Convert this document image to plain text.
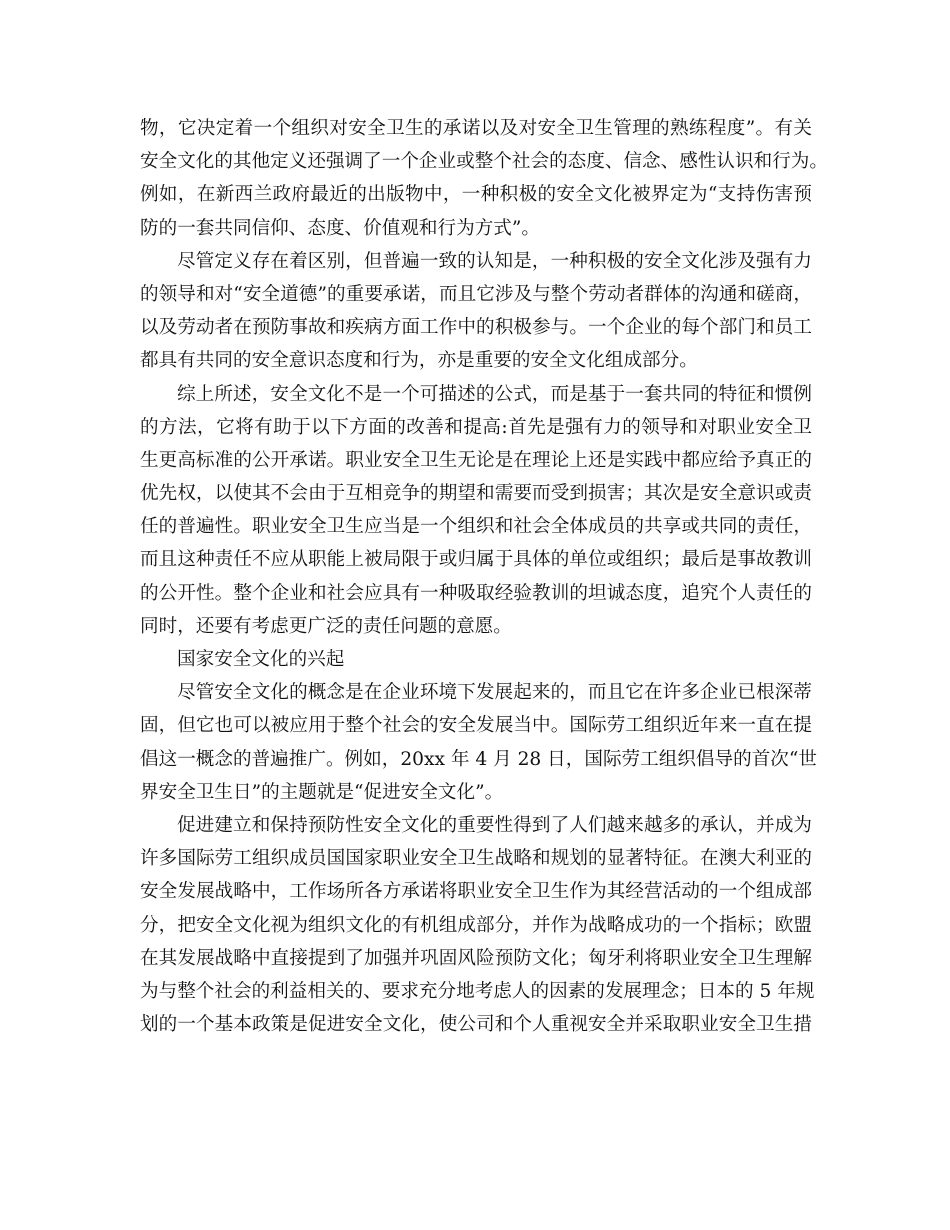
物，它决定着一个组织对安全卫生的承诺以及对安全卫生管理的熟练程度”。有关
安全文化的其他定义还强调了一个企业或整个社会的态度、信念、感性认识和行为。
例如，在新西兰政府最近的出版物中，一种积极的安全文化被界定为“支持伤害预
防的一套共同信仰、态度、价值观和行为方式”。
尽管定义存在着区别，但普遍一致的认知是，一种积极的安全文化涉及强有力
的领导和对“安全道德”的重要承诺，而且它涉及与整个劳动者群体的沟通和磋商，
以及劳动者在预防事故和疾病方面工作中的积极参与。一个企业的每个部门和员工
都具有共同的安全意识态度和行为，亦是重要的安全文化组成部分。
综上所述，安全文化不是一个可描述的公式，而是基于一套共同的特征和惯例
的方法，它将有助于以下方面的改善和提高:首先是强有力的领导和对职业安全卫
生更高标准的公开承诺。职业安全卫生无论是在理论上还是实践中都应给予真正的
优先权，以使其不会由于互相竞争的期望和需要而受到损害；其次是安全意识或责
任的普遍性。职业安全卫生应当是一个组织和社会全体成员的共享或共同的责任，
而且这种责任不应从职能上被局限于或归属于具体的单位或组织；最后是事故教训
的公开性。整个企业和社会应具有一种吸取经验教训的坦诚态度，追究个人责任的
同时，还要有考虑更广泛的责任问题的意愿。
国家安全文化的兴起
尽管安全文化的概念是在企业环境下发展起来的，而且它在许多企业已根深蒂
固，但它也可以被应用于整个社会的安全发展当中。国际劳工组织近年来一直在提
倡这一概念的普遍推广。例如，20xx 年 4 月 28 日，国际劳工组织倡导的首次“世
界安全卫生日”的主题就是“促进安全文化”。
促进建立和保持预防性安全文化的重要性得到了人们越来越多的承认，并成为
许多国际劳工组织成员国国家职业安全卫生战略和规划的显著特征。在澳大利亚的
安全发展战略中，工作场所各方承诺将职业安全卫生作为其经营活动的一个组成部
分，把安全文化视为组织文化的有机组成部分，并作为战略成功的一个指标；欧盟
在其发展战略中直接提到了加强并巩固风险预防文化；匈牙利将职业安全卫生理解
为与整个社会的利益相关的、要求充分地考虑人的因素的发展理念；日本的 5 年规
划的一个基本政策是促进安全文化，使公司和个人重视安全并采取职业安全卫生措
